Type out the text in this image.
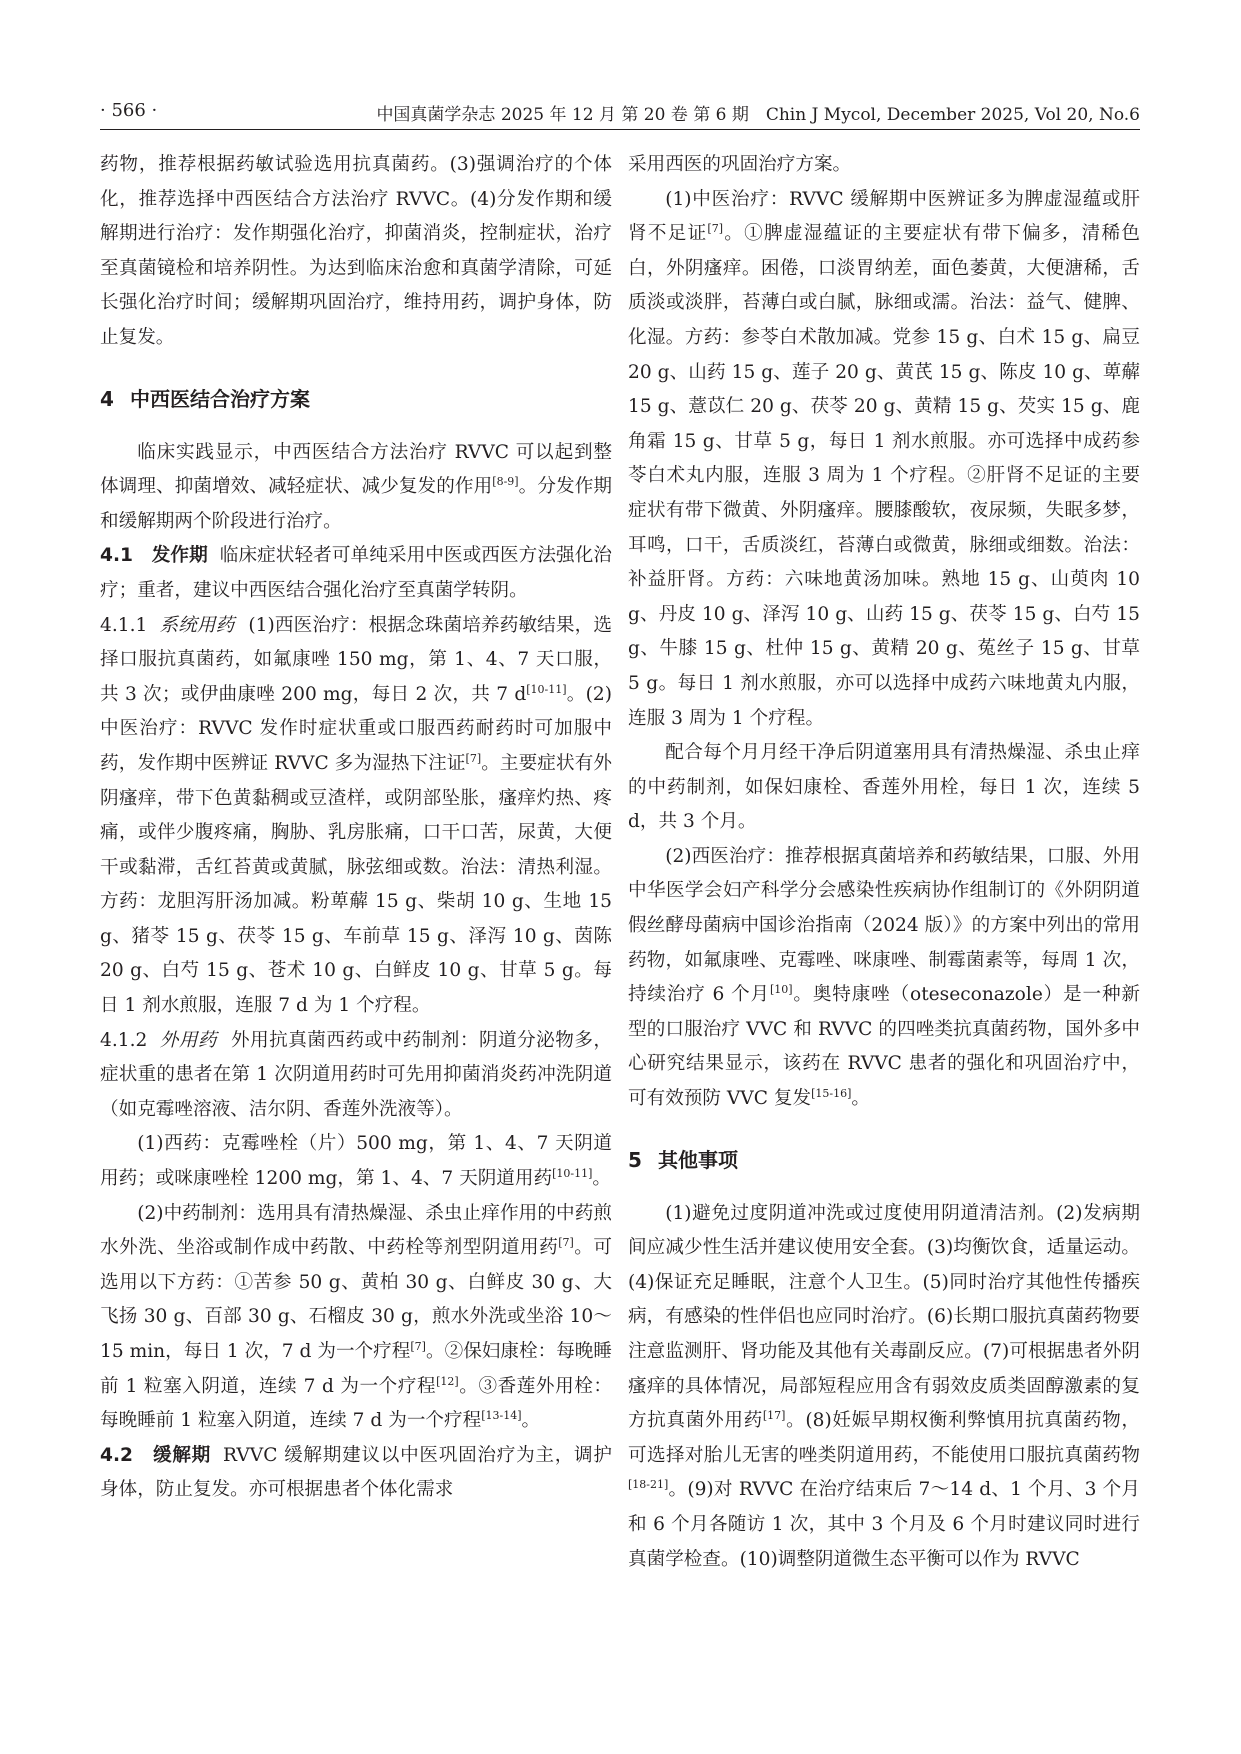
· 566 ·	中国真菌学杂志 2025 年 12 月 第 20 卷 第 6 期　Chin J Mycol, December 2025, Vol 20, No.6

药物，推荐根据药敏试验选用抗真菌药。(3)强调治疗的个体化，推荐选择中西医结合方法治疗 RVVC。(4)分发作期和缓解期进行治疗：发作期强化治疗，抑菌消炎，控制症状，治疗至真菌镜检和培养阴性。为达到临床治愈和真菌学清除，可延长强化治疗时间；缓解期巩固治疗，维持用药，调护身体，防止复发。

4 中西医结合治疗方案

临床实践显示，中西医结合方法治疗 RVVC 可以起到整体调理、抑菌增效、减轻症状、减少复发的作用[8-9]。分发作期和缓解期两个阶段进行治疗。

4.1　发作期 临床症状轻者可单纯采用中医或西医方法强化治疗；重者，建议中西医结合强化治疗至真菌学转阴。

4.1.1 系统用药 (1)西医治疗：根据念珠菌培养药敏结果，选择口服抗真菌药，如氟康唑 150 mg，第 1、4、7 天口服，共 3 次；或伊曲康唑 200 mg，每日 2 次，共 7 d[10-11]。(2)中医治疗：RVVC 发作时症状重或口服西药耐药时可加服中药，发作期中医辨证 RVVC 多为湿热下注证[7]。主要症状有外阴瘙痒，带下色黄黏稠或豆渣样，或阴部坠胀，瘙痒灼热、疼痛，或伴少腹疼痛，胸胁、乳房胀痛，口干口苦，尿黄，大便干或黏滞，舌红苔黄或黄腻，脉弦细或数。治法：清热利湿。方药：龙胆泻肝汤加减。粉萆薢 15 g、柴胡 10 g、生地 15 g、猪苓 15 g、茯苓 15 g、车前草 15 g、泽泻 10 g、茵陈 20 g、白芍 15 g、苍术 10 g、白鲜皮 10 g、甘草 5 g。每日 1 剂水煎服，连服 7 d 为 1 个疗程。

4.1.2 外用药 外用抗真菌西药或中药制剂：阴道分泌物多，症状重的患者在第 1 次阴道用药时可先用抑菌消炎药冲洗阴道（如克霉唑溶液、洁尔阴、香莲外洗液等）。

(1)西药：克霉唑栓（片）500 mg，第 1、4、7 天阴道用药；或咪康唑栓 1200 mg，第 1、4、7 天阴道用药[10-11]。

(2)中药制剂：选用具有清热燥湿、杀虫止痒作用的中药煎水外洗、坐浴或制作成中药散、中药栓等剂型阴道用药[7]。可选用以下方药：①苦参 50 g、黄柏 30 g、白鲜皮 30 g、大飞扬 30 g、百部 30 g、石榴皮 30 g，煎水外洗或坐浴 10～15 min，每日 1 次，7 d 为一个疗程[7]。②保妇康栓：每晚睡前 1 粒塞入阴道，连续 7 d 为一个疗程[12]。③香莲外用栓：每晚睡前 1 粒塞入阴道，连续 7 d 为一个疗程[13-14]。

4.2　缓解期 RVVC 缓解期建议以中医巩固治疗为主，调护身体，防止复发。亦可根据患者个体化需求

采用西医的巩固治疗方案。

(1)中医治疗：RVVC 缓解期中医辨证多为脾虚湿蕴或肝肾不足证[7]。①脾虚湿蕴证的主要症状有带下偏多，清稀色白，外阴瘙痒。困倦，口淡胃纳差，面色萎黄，大便溏稀，舌质淡或淡胖，苔薄白或白腻，脉细或濡。治法：益气、健脾、化湿。方药：参苓白术散加减。党参 15 g、白术 15 g、扁豆 20 g、山药 15 g、莲子 20 g、黄芪 15 g、陈皮 10 g、萆薢 15 g、薏苡仁 20 g、茯苓 20 g、黄精 15 g、芡实 15 g、鹿角霜 15 g、甘草 5 g，每日 1 剂水煎服。亦可选择中成药参苓白术丸内服，连服 3 周为 1 个疗程。②肝肾不足证的主要症状有带下微黄、外阴瘙痒。腰膝酸软，夜尿频，失眠多梦，耳鸣，口干，舌质淡红，苔薄白或微黄，脉细或细数。治法：补益肝肾。方药：六味地黄汤加味。熟地 15 g、山萸肉 10 g、丹皮 10 g、泽泻 10 g、山药 15 g、茯苓 15 g、白芍 15 g、牛膝 15 g、杜仲 15 g、黄精 20 g、菟丝子 15 g、甘草 5 g。每日 1 剂水煎服，亦可以选择中成药六味地黄丸内服，连服 3 周为 1 个疗程。

配合每个月月经干净后阴道塞用具有清热燥湿、杀虫止痒的中药制剂，如保妇康栓、香莲外用栓，每日 1 次，连续 5 d，共 3 个月。

(2)西医治疗：推荐根据真菌培养和药敏结果，口服、外用中华医学会妇产科学分会感染性疾病协作组制订的《外阴阴道假丝酵母菌病中国诊治指南（2024 版）》的方案中列出的常用药物，如氟康唑、克霉唑、咪康唑、制霉菌素等，每周 1 次，持续治疗 6 个月[10]。奥特康唑（oteseconazole）是一种新型的口服治疗 VVC 和 RVVC 的四唑类抗真菌药物，国外多中心研究结果显示，该药在 RVVC 患者的强化和巩固治疗中，可有效预防 VVC 复发[15-16]。

5 其他事项

(1)避免过度阴道冲洗或过度使用阴道清洁剂。(2)发病期间应减少性生活并建议使用安全套。(3)均衡饮食，适量运动。(4)保证充足睡眠，注意个人卫生。(5)同时治疗其他性传播疾病，有感染的性伴侣也应同时治疗。(6)长期口服抗真菌药物要注意监测肝、肾功能及其他有关毒副反应。(7)可根据患者外阴瘙痒的具体情况，局部短程应用含有弱效皮质类固醇激素的复方抗真菌外用药[17]。(8)妊娠早期权衡利弊慎用抗真菌药物，可选择对胎儿无害的唑类阴道用药，不能使用口服抗真菌药物[18-21]。(9)对 RVVC 在治疗结束后 7～14 d、1 个月、3 个月和 6 个月各随访 1 次，其中 3 个月及 6 个月时建议同时进行真菌学检查。(10)调整阴道微生态平衡可以作为 RVVC
